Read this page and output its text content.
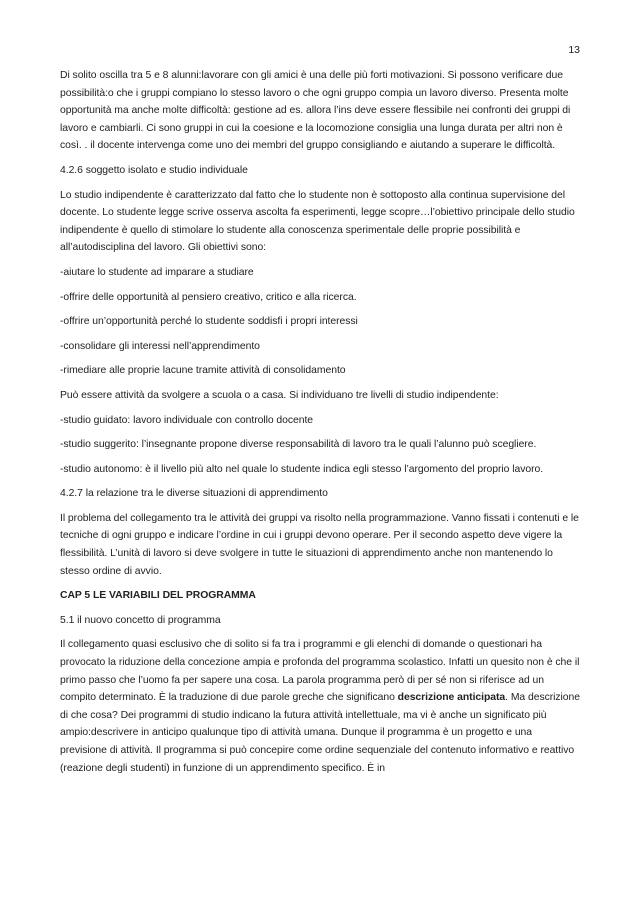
13

Di solito oscilla tra 5 e 8 alunni:lavorare con gli amici è una delle più forti motivazioni. Si possono verificare due possibilità:o che i gruppi compiano lo stesso lavoro o che ogni gruppo compia un lavoro diverso. Presenta molte opportunità ma anche molte difficoltà: gestione ad es. allora l’ins deve essere flessibile nei confronti dei gruppi di lavoro e cambiarli. Ci sono gruppi in cui la coesione e la locomozione consiglia una lunga durata per altri non è così. . il docente intervenga come uno dei membri del gruppo consigliando e aiutando a superare le difficoltà.

4.2.6 soggetto isolato e studio individuale

Lo studio indipendente è caratterizzato dal fatto che lo studente non è sottoposto alla continua supervisione del docente. Lo studente legge scrive osserva ascolta fa esperimenti, legge scopre…l’obiettivo principale dello studio indipendente è quello di stimolare lo studente alla conoscenza sperimentale delle proprie possibilità e all’autodisciplina del lavoro. Gli obiettivi sono:

-aiutare lo studente ad imparare a studiare

-offrire delle opportunità al pensiero creativo, critico e alla ricerca.

-offrire un’opportunità perché lo studente soddisfi i propri interessi

-consolidare gli interessi nell’apprendimento

-rimediare alle proprie lacune tramite attività di consolidamento

Può essere attività da svolgere a scuola o a casa. Si individuano tre livelli di studio indipendente:

-studio guidato: lavoro individuale con controllo docente

-studio suggerito: l’insegnante propone diverse responsabilità di lavoro tra le quali l’alunno può scegliere.

-studio autonomo: è il livello più alto nel quale lo studente indica egli stesso l’argomento del proprio lavoro.

4.2.7 la relazione tra le diverse situazioni di apprendimento

Il problema del collegamento tra le attività dei gruppi va risolto nella programmazione. Vanno fissati i contenuti e le tecniche di ogni gruppo e indicare l’ordine in cui i gruppi devono operare. Per il secondo aspetto deve vigere la flessibilità. L’unità di lavoro si deve svolgere in tutte le situazioni di apprendimento anche non mantenendo lo stesso ordine di avvio.

CAP 5 LE VARIABILI DEL PROGRAMMA

5.1 il nuovo concetto di programma

Il collegamento quasi esclusivo che di solito si fa tra i programmi e gli elenchi di domande o questionari ha provocato la riduzione della concezione ampia e profonda del programma scolastico. Infatti un quesito non è che il primo passo che l’uomo fa per sapere una cosa. La parola programma però di per sé non si riferisce ad un compito determinato. È la traduzione di due parole greche che significano descrizione anticipata. Ma descrizione di che cosa? Dei programmi di studio indicano la futura attività intellettuale, ma vi è anche un significato più ampio:descrivere in anticipo qualunque tipo di attività umana. Dunque il programma è un progetto e una previsione di attività. Il programma si può concepire come ordine sequenziale del contenuto informativo e reattivo (reazione degli studenti) in funzione di un apprendimento specifico. È in
